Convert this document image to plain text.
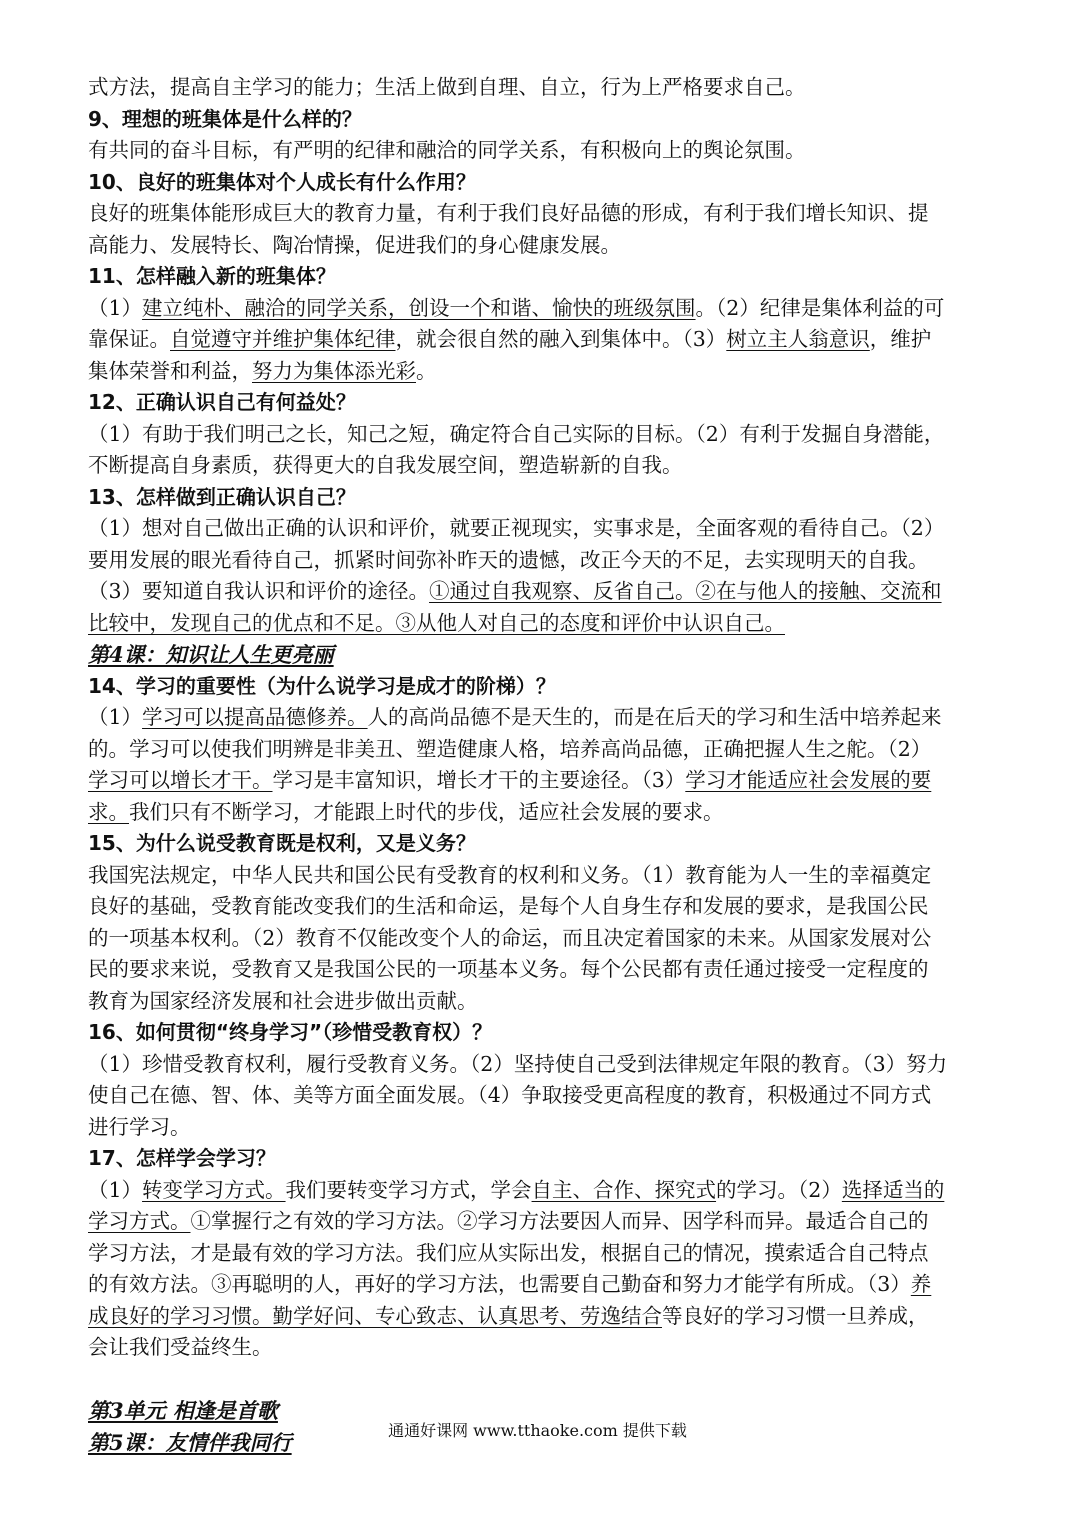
式方法，提高自主学习的能力；生活上做到自理、自立，行为上严格要求自己。
9、理想的班集体是什么样的？
有共同的奋斗目标，有严明的纪律和融洽的同学关系，有积极向上的舆论氛围。
10、良好的班集体对个人成长有什么作用？
良好的班集体能形成巨大的教育力量，有利于我们良好品德的形成，有利于我们增长知识、提
高能力、发展特长、陶冶情操，促进我们的身心健康发展。
11、怎样融入新的班集体？
（1）建立纯朴、融洽的同学关系，创设一个和谐、愉快的班级氛围。（2）纪律是集体利益的可
靠保证。自觉遵守并维护集体纪律，就会很自然的融入到集体中。（3）树立主人翁意识，维护
集体荣誉和利益，努力为集体添光彩。
12、正确认识自己有何益处？
（1）有助于我们明己之长，知己之短，确定符合自己实际的目标。（2）有利于发掘自身潜能，
不断提高自身素质，获得更大的自我发展空间，塑造崭新的自我。
13、怎样做到正确认识自己？
（1）想对自己做出正确的认识和评价，就要正视现实，实事求是，全面客观的看待自己。（2）
要用发展的眼光看待自己，抓紧时间弥补昨天的遗憾，改正今天的不足，去实现明天的自我。
（3）要知道自我认识和评价的途径。①通过自我观察、反省自己。②在与他人的接触、交流和
比较中，发现自己的优点和不足。③从他人对自己的态度和评价中认识自己。
第4课：知识让人生更亮丽
14、学习的重要性（为什么说学习是成才的阶梯）？
（1）学习可以提高品德修养。人的高尚品德不是天生的，而是在后天的学习和生活中培养起来
的。学习可以使我们明辨是非美丑、塑造健康人格，培养高尚品德，正确把握人生之舵。（2）
学习可以增长才干。学习是丰富知识，增长才干的主要途径。（3）学习才能适应社会发展的要
求。我们只有不断学习，才能跟上时代的步伐，适应社会发展的要求。
15、为什么说受教育既是权利，又是义务？
我国宪法规定，中华人民共和国公民有受教育的权利和义务。（1）教育能为人一生的幸福奠定
良好的基础，受教育能改变我们的生活和命运，是每个人自身生存和发展的要求，是我国公民
的一项基本权利。（2）教育不仅能改变个人的命运，而且决定着国家的未来。从国家发展对公
民的要求来说，受教育又是我国公民的一项基本义务。每个公民都有责任通过接受一定程度的
教育为国家经济发展和社会进步做出贡献。
16、如何贯彻“终身学习”（珍惜受教育权）？
（1）珍惜受教育权利，履行受教育义务。（2）坚持使自己受到法律规定年限的教育。（3）努力
使自己在德、智、体、美等方面全面发展。（4）争取接受更高程度的教育，积极通过不同方式
进行学习。
17、怎样学会学习？
（1）转变学习方式。我们要转变学习方式，学会自主、合作、探究式的学习。（2）选择适当的
学习方式。①掌握行之有效的学习方法。②学习方法要因人而异、因学科而异。最适合自己的
学习方法，才是最有效的学习方法。我们应从实际出发，根据自己的情况，摸索适合自己特点
的有效方法。③再聪明的人，再好的学习方法，也需要自己勤奋和努力才能学有所成。（3）养
成良好的学习习惯。勤学好问、专心致志、认真思考、劳逸结合等良好的学习习惯一旦养成，
会让我们受益终生。
第3单元 相逢是首歌
第5课：友情伴我同行	通通好课网 www.tthaoke.com 提供下载
